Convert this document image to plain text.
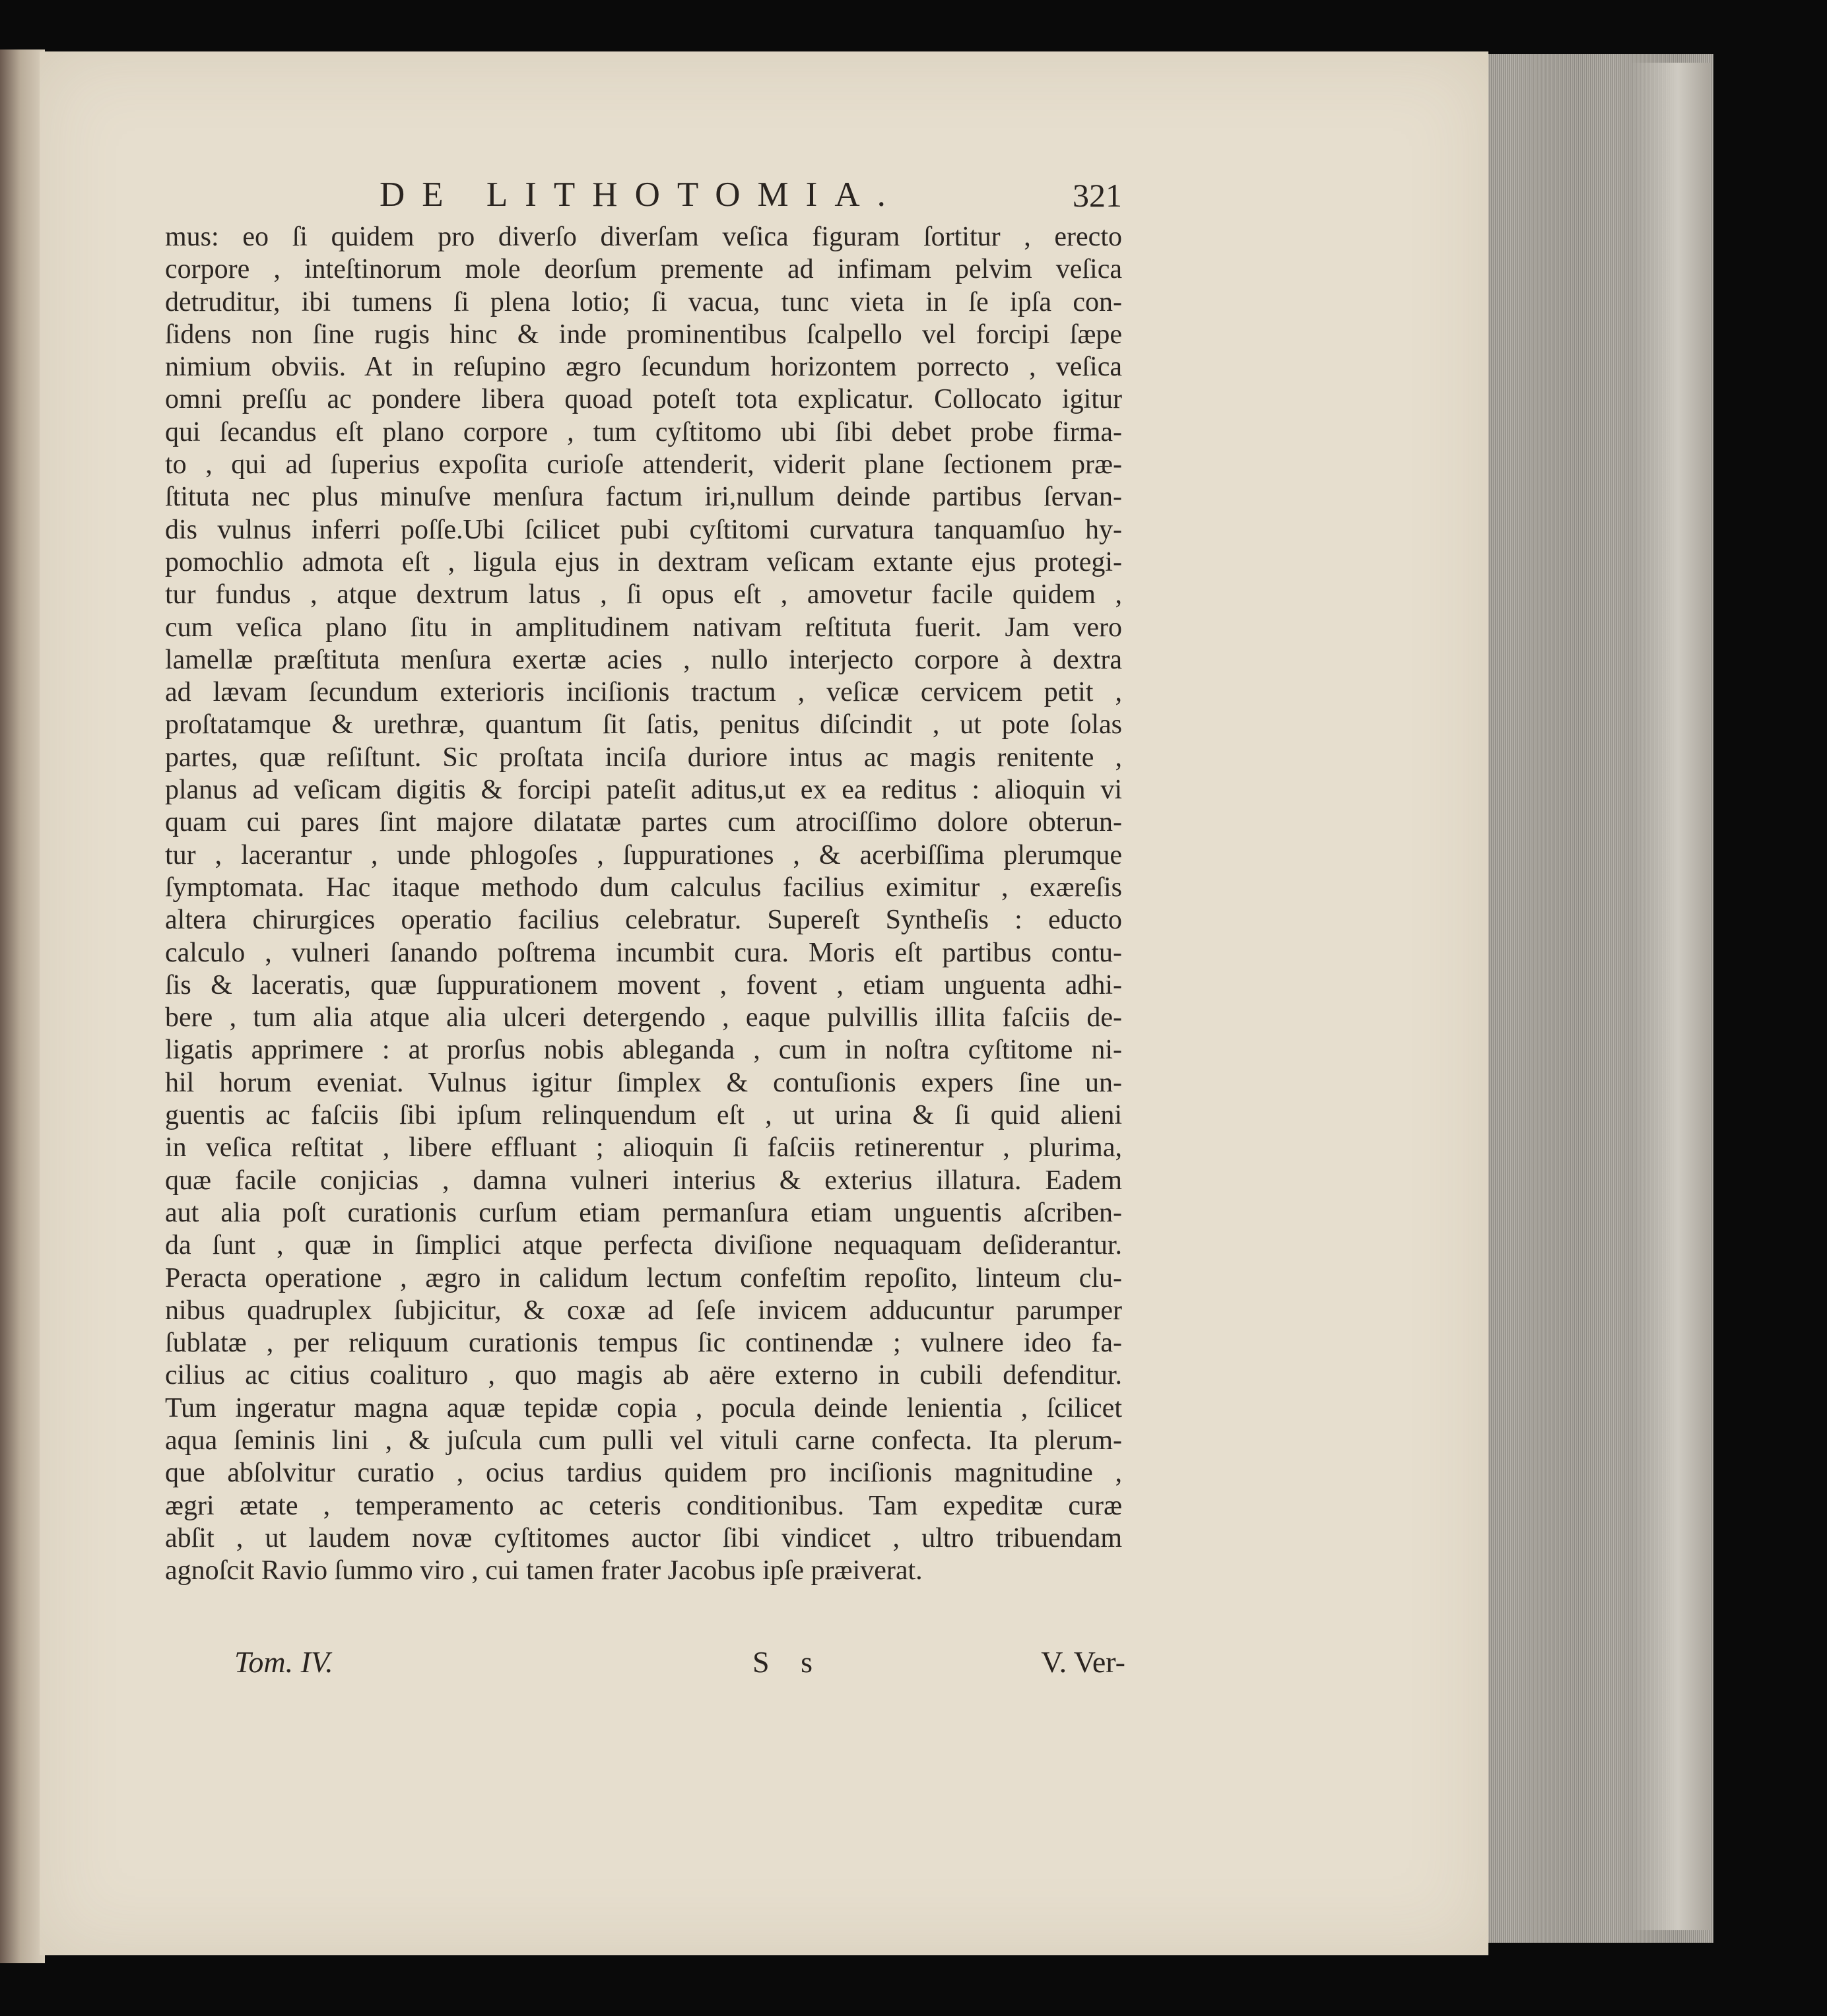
DE LITHOTOMIA.	321
mus: eo ſi quidem pro diverſo diverſam veſica figuram ſortitur , erecto
corpore , inteſtinorum mole deorſum premente ad infimam pelvim veſica
detruditur, ibi tumens ſi plena lotio; ſi vacua, tunc vieta in ſe ipſa con-
ſidens non ſine rugis hinc & inde prominentibus ſcalpello vel forcipi ſæpe
nimium obviis. At in reſupino ægro ſecundum horizontem porrecto , veſica
omni preſſu ac pondere libera quoad poteſt tota explicatur. Collocato igitur
qui ſecandus eſt plano corpore , tum cyſtitomo ubi ſibi debet probe firma-
to , qui ad ſuperius expoſita curioſe attenderit, viderit plane ſectionem præ-
ſtituta nec plus minuſve menſura factum iri,nullum deinde partibus ſervan-
dis vulnus inferri poſſe.Ubi ſcilicet pubi cyſtitomi curvatura tanquamſuo hy-
pomochlio admota eſt , ligula ejus in dextram veſicam extante ejus protegi-
tur fundus , atque dextrum latus , ſi opus eſt , amovetur facile quidem ,
cum veſica plano ſitu in amplitudinem nativam reſtituta fuerit. Jam vero
lamellæ præſtituta menſura exertæ acies , nullo interjecto corpore à dextra
ad lævam ſecundum exterioris inciſionis tractum , veſicæ cervicem petit ,
proſtatamque & urethræ, quantum ſit ſatis, penitus diſcindit , ut pote ſolas
partes, quæ reſiſtunt. Sic proſtata inciſa duriore intus ac magis renitente ,
planus ad veſicam digitis & forcipi pateſit aditus,ut ex ea reditus : alioquin vi
quam cui pares ſint majore dilatatæ partes cum atrociſſimo dolore obterun-
tur , lacerantur , unde phlogoſes , ſuppurationes , & acerbiſſima plerumque
ſymptomata. Hac itaque methodo dum calculus facilius eximitur , exæreſis
altera chirurgices operatio facilius celebratur. Supereſt Syntheſis : educto
calculo , vulneri ſanando poſtrema incumbit cura. Moris eſt partibus contu-
ſis & laceratis, quæ ſuppurationem movent , fovent , etiam unguenta adhi-
bere , tum alia atque alia ulceri detergendo , eaque pulvillis illita faſciis de-
ligatis apprimere : at prorſus nobis ableganda , cum in noſtra cyſtitome ni-
hil horum eveniat. Vulnus igitur ſimplex & contuſionis expers ſine un-
guentis ac faſciis ſibi ipſum relinquendum eſt , ut urina & ſi quid alieni
in veſica reſtitat , libere effluant ; alioquin ſi faſciis retinerentur , plurima,
quæ facile conjicias , damna vulneri interius & exterius illatura. Eadem
aut alia poſt curationis curſum etiam permanſura etiam unguentis aſcriben-
da ſunt , quæ in ſimplici atque perfecta diviſione nequaquam deſiderantur.
Peracta operatione , ægro in calidum lectum confeſtim repoſito, linteum clu-
nibus quadruplex ſubjicitur, & coxæ ad ſeſe invicem adducuntur parumper
ſublatæ , per reliquum curationis tempus ſic continendæ ; vulnere ideo fa-
cilius ac citius coalituro , quo magis ab aëre externo in cubili defenditur.
Tum ingeratur magna aquæ tepidæ copia , pocula deinde lenientia , ſcilicet
aqua ſeminis lini , & juſcula cum pulli vel vituli carne confecta. Ita plerum-
que abſolvitur curatio , ocius tardius quidem pro inciſionis magnitudine ,
ægri ætate , temperamento ac ceteris conditionibus. Tam expeditæ curæ
abſit , ut laudem novæ cyſtitomes auctor ſibi vindicet , ultro tribuendam
agnoſcit Ravio ſummo viro , cui tamen frater Jacobus ipſe præiverat.
Tom. IV.	S s	V. Ver-
